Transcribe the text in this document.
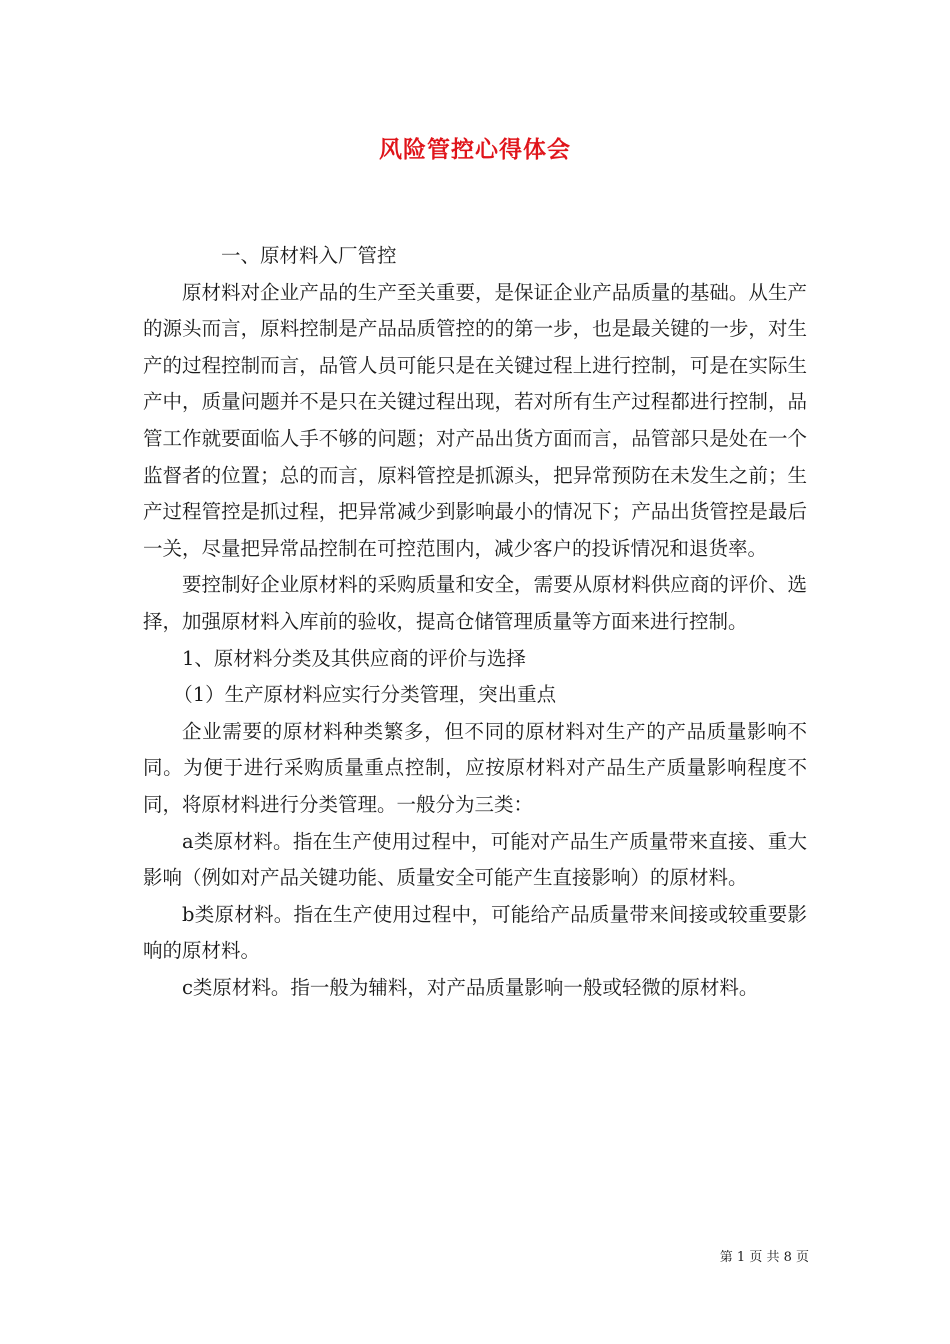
风险管控心得体会

一、原材料入厂管控

原材料对企业产品的生产至关重要，是保证企业产品质量的基础。从生产的源头而言，原料控制是产品品质管控的的第一步，也是最关键的一步，对生产的过程控制而言，品管人员可能只是在关键过程上进行控制，可是在实际生产中，质量问题并不是只在关键过程出现，若对所有生产过程都进行控制，品管工作就要面临人手不够的问题；对产品出货方面而言，品管部只是处在一个监督者的位置；总的而言，原料管控是抓源头，把异常预防在未发生之前；生产过程管控是抓过程，把异常减少到影响最小的情况下；产品出货管控是最后一关，尽量把异常品控制在可控范围内，减少客户的投诉情况和退货率。

要控制好企业原材料的采购质量和安全，需要从原材料供应商的评价、选择，加强原材料入库前的验收，提高仓储管理质量等方面来进行控制。

1、原材料分类及其供应商的评价与选择

（1）生产原材料应实行分类管理，突出重点

企业需要的原材料种类繁多，但不同的原材料对生产的产品质量影响不同。为便于进行采购质量重点控制，应按原材料对产品生产质量影响程度不同，将原材料进行分类管理。一般分为三类：

a类原材料。指在生产使用过程中，可能对产品生产质量带来直接、重大影响（例如对产品关键功能、质量安全可能产生直接影响）的原材料。

b类原材料。指在生产使用过程中，可能给产品质量带来间接或较重要影响的原材料。

c类原材料。指一般为辅料，对产品质量影响一般或轻微的原材料。

第 1 页 共 8 页
